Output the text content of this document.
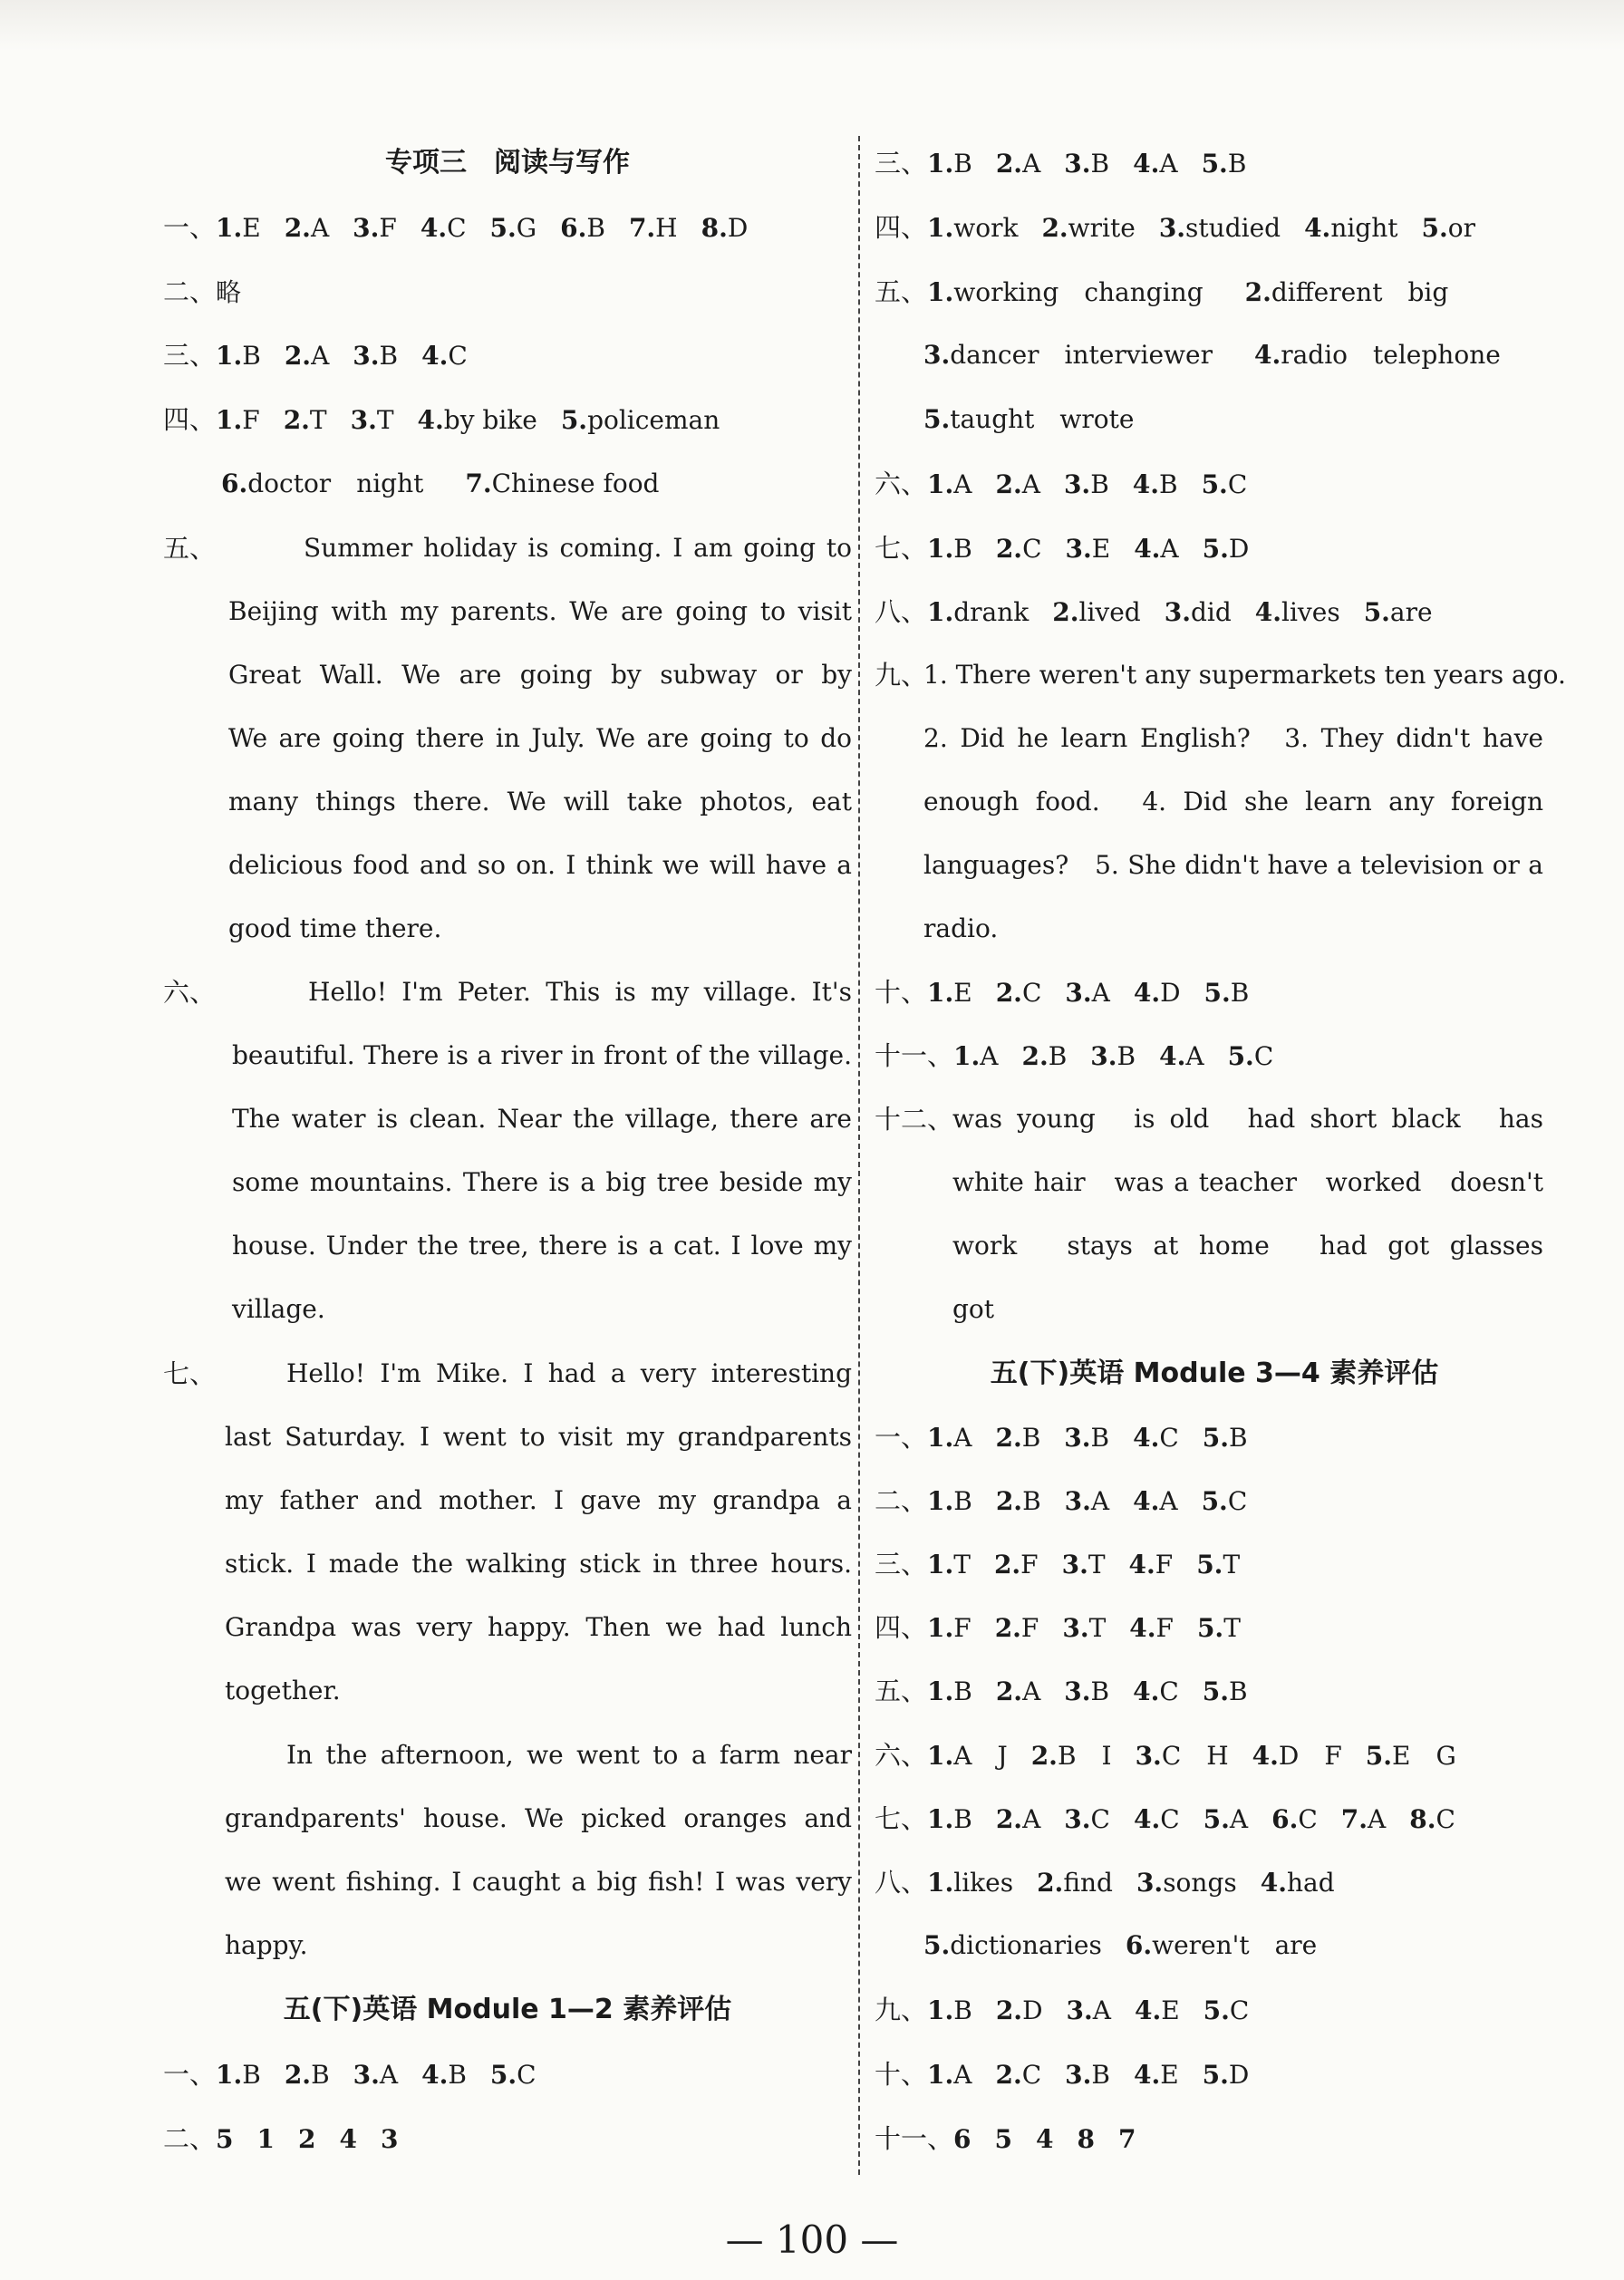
专项三　阅读与写作
一、1.E 2.A 3.F 4.C 5.G 6.B 7.H 8.D
二、略
三、1.B 2.A 3.B 4.C
四、1.F 2.T 3.T 4.by bike 5.policeman
6.doctor　night 7.Chinese food
五、	Summer holiday is coming. I am going to
Beijing with my parents. We are going to visit
Great Wall. We are going by subway or by
We are going there in July. We are going to do
many things there. We will take photos, eat
delicious food and so on. I think we will have a
good time there.
六、	Hello! I'm Peter. This is my village. It's
beautiful. There is a river in front of the village.
The water is clean. Near the village, there are
some mountains. There is a big tree beside my
house. Under the tree, there is a cat. I love my
village.
七、	Hello! I'm Mike. I had a very interesting
last Saturday. I went to visit my grandparents
my father and mother. I gave my grandpa a
stick. I made the walking stick in three hours.
Grandpa was very happy. Then we had lunch
together.
In the afternoon, we went to a farm near
grandparents' house. We picked oranges and
we went fishing. I caught a big fish! I was very
happy.
五(下)英语 Module 1—2 素养评估
一、1.B 2.B 3.A 4.B 5.C
二、5 1 2 4 3
三、1.B 2.A 3.B 4.A 5.B
四、1.work 2.write 3.studied 4.night 5.or
五、1.working　changing 2.different　big
3.dancer　interviewer 4.radio　telephone
5.taught　wrote
六、1.A 2.A 3.B 4.B 5.C
七、1.B 2.C 3.E 4.A 5.D
八、1.drank 2.lived 3.did 4.lives 5.are
九、
1. There weren't any supermarkets ten years ago.
2. Did he learn English?　3. They didn't have
enough food.　4. Did she learn any foreign
languages?　5. She didn't have a television or a
radio.
十、1.E 2.C 3.A 4.D 5.B
十一、1.A 2.B 3.B 4.A 5.C
十二、
was young　is old　had short black　has
white hair　was a teacher　worked　doesn't
work　stays at home　had got glasses　
got
五(下)英语 Module 3—4 素养评估
一、1.A 2.B 3.B 4.C 5.B
二、1.B 2.B 3.A 4.A 5.C
三、1.T 2.F 3.T 4.F 5.T
四、1.F 2.F 3.T 4.F 5.T
五、1.B 2.A 3.B 4.C 5.B
六、1.A　J 2.B　I 3.C　H 4.D　F 5.E　G
七、1.B 2.A 3.C 4.C 5.A 6.C 7.A 8.C
八、1.likes 2.find 3.songs 4.had
5.dictionaries 6.weren't　are
九、1.B 2.D 3.A 4.E 5.C
十、1.A 2.C 3.B 4.E 5.D
十一、6 5 4 8 7
— 100 —
